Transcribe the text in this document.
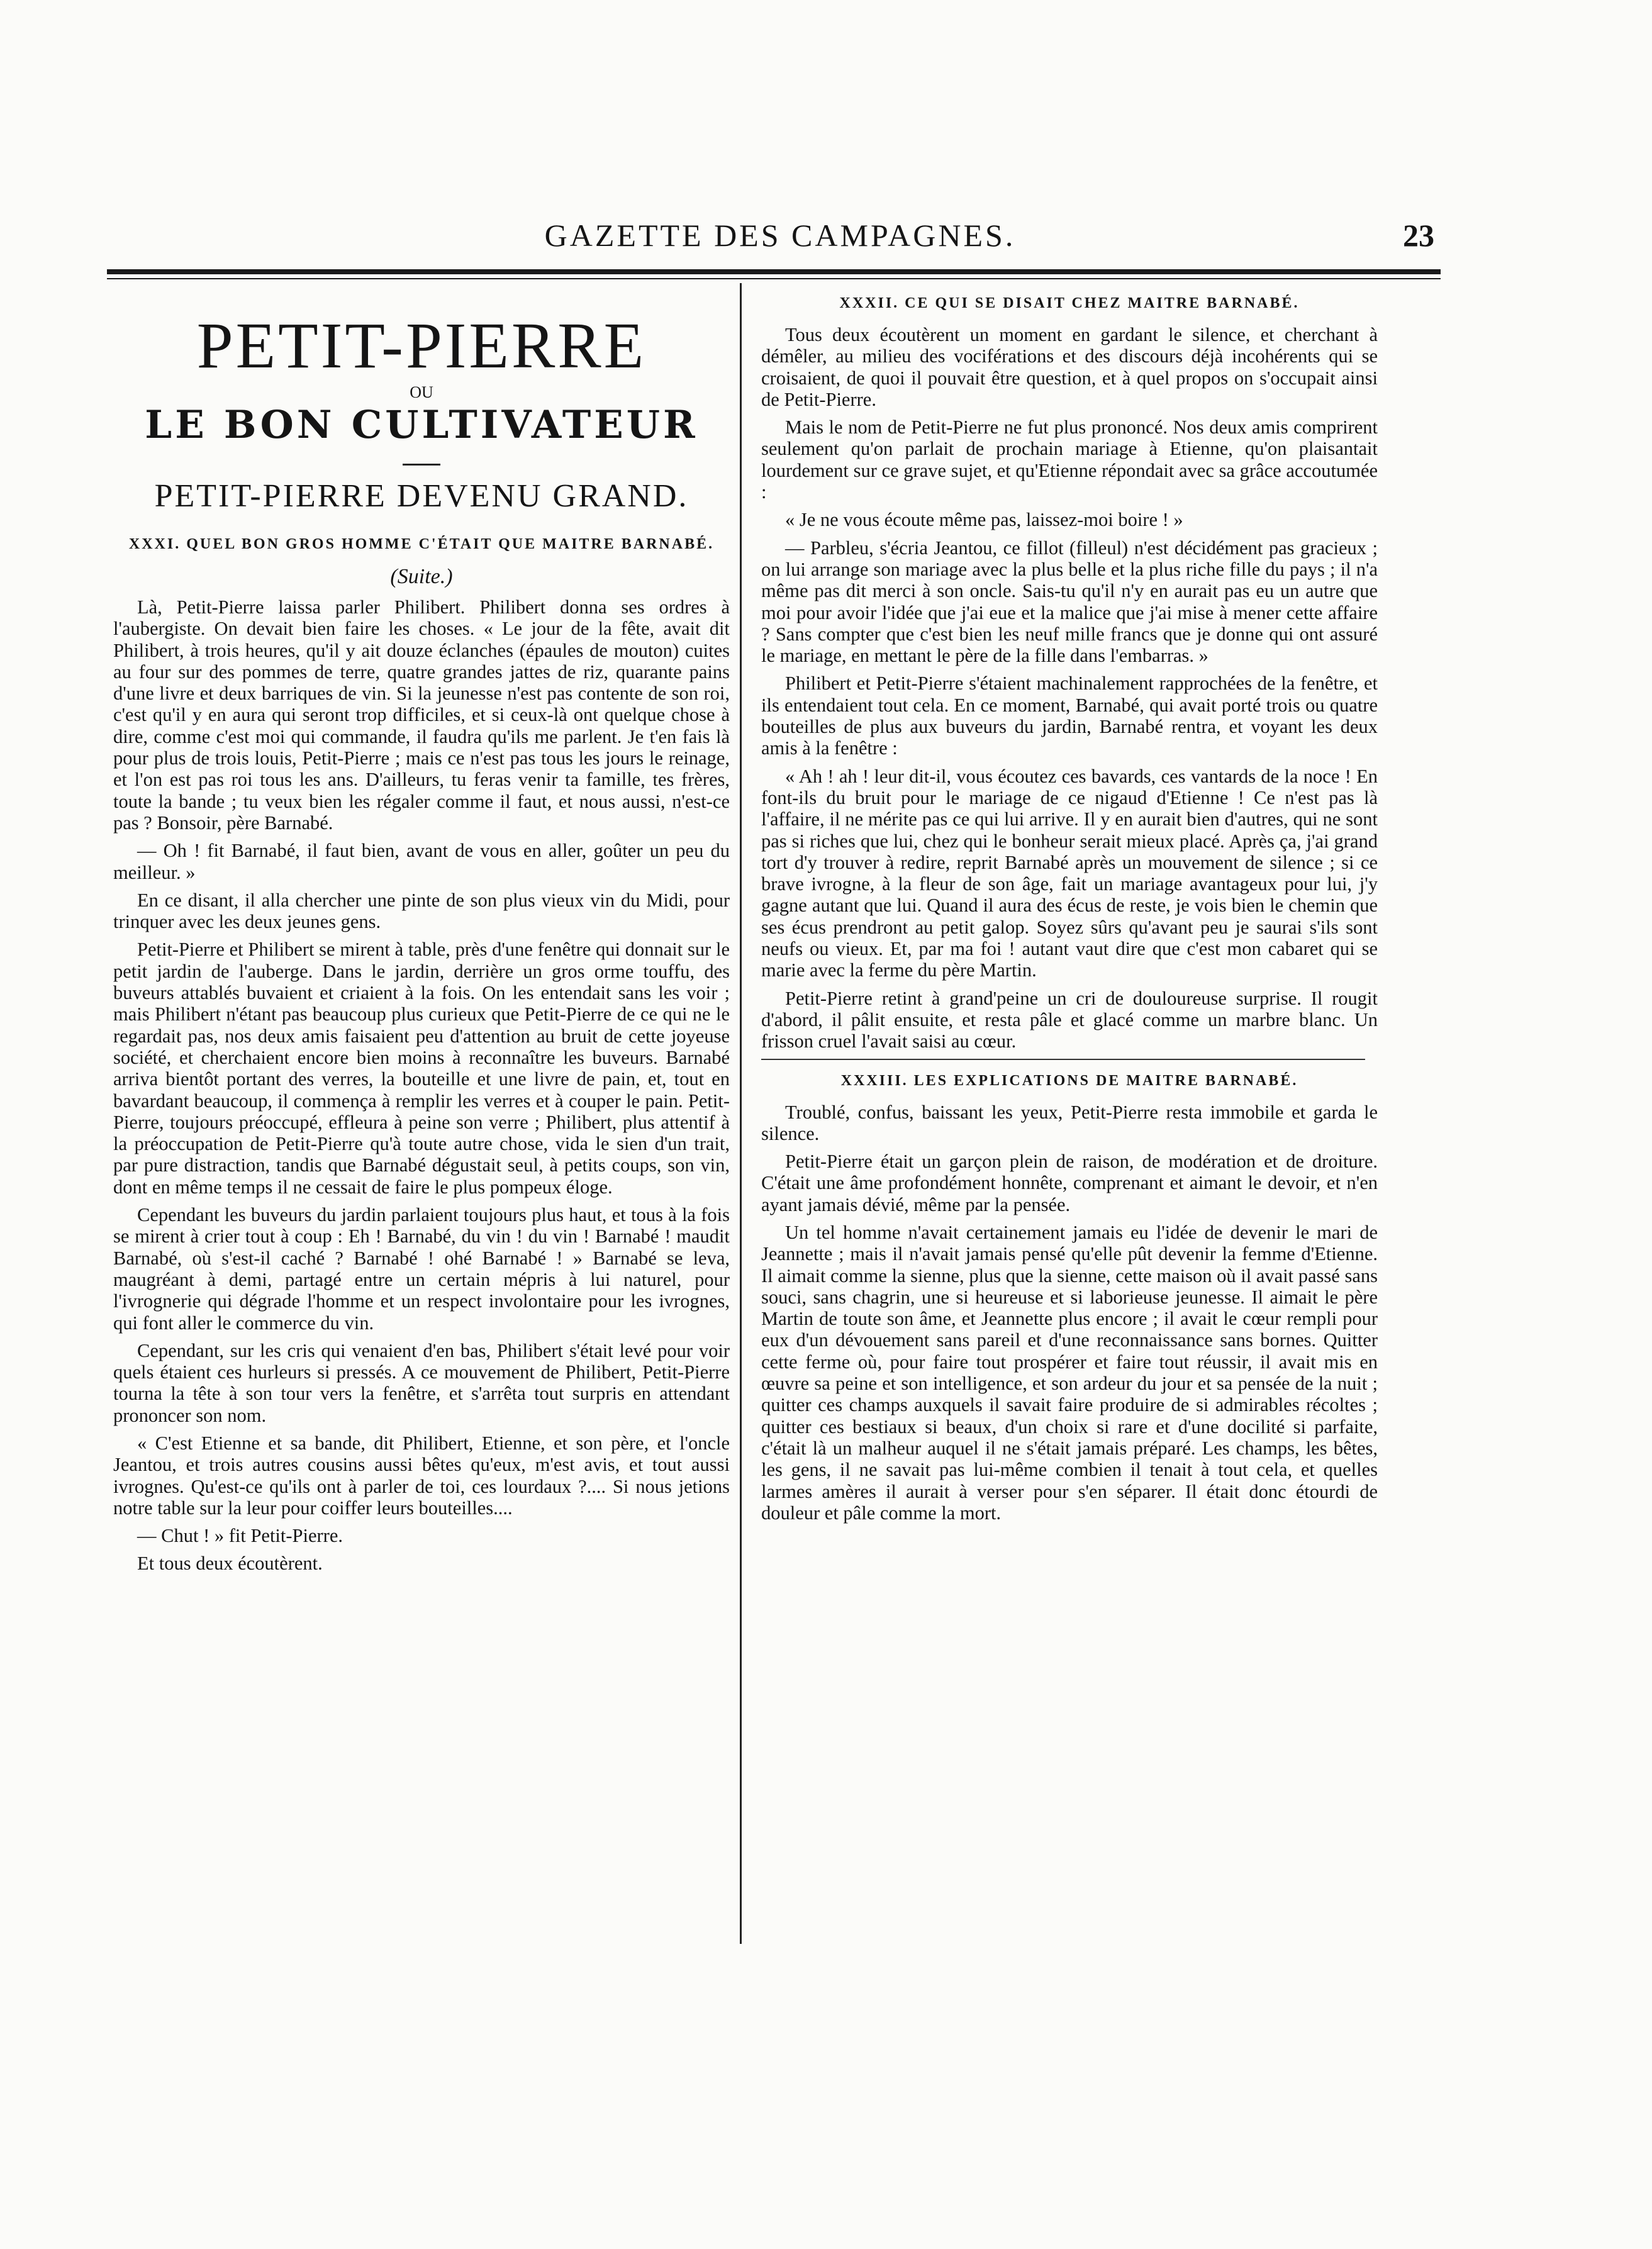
GAZETTE DES CAMPAGNES.	23
PETIT-PIERRE
OU
LE BON CULTIVATEUR
PETIT-PIERRE DEVENU GRAND.
XXXI. QUEL BON GROS HOMME C'ÉTAIT QUE MAITRE BARNABÉ.
(Suite.)

Là, Petit-Pierre laissa parler Philibert. Philibert donna ses ordres à l'aubergiste. On devait bien faire les choses. « Le jour de la fête, avait dit Philibert, à trois heures, qu'il y ait douze éclanches (épaules de mouton) cuites au four sur des pommes de terre, quatre grandes jattes de riz, quarante pains d'une livre et deux barriques de vin. Si la jeunesse n'est pas contente de son roi, c'est qu'il y en aura qui seront trop difficiles, et si ceux-là ont quelque chose à dire, comme c'est moi qui commande, il faudra qu'ils me parlent. Je t'en fais là pour plus de trois louis, Petit-Pierre ; mais ce n'est pas tous les jours le reinage, et l'on est pas roi tous les ans. D'ailleurs, tu feras venir ta famille, tes frères, toute la bande ; tu veux bien les régaler comme il faut, et nous aussi, n'est-ce pas ? Bonsoir, père Barnabé.

— Oh ! fit Barnabé, il faut bien, avant de vous en aller, goûter un peu du meilleur. »

En ce disant, il alla chercher une pinte de son plus vieux vin du Midi, pour trinquer avec les deux jeunes gens.

Petit-Pierre et Philibert se mirent à table, près d'une fenêtre qui donnait sur le petit jardin de l'auberge. Dans le jardin, derrière un gros orme touffu, des buveurs attablés buvaient et criaient à la fois. On les entendait sans les voir ; mais Philibert n'étant pas beaucoup plus curieux que Petit-Pierre de ce qui ne le regardait pas, nos deux amis faisaient peu d'attention au bruit de cette joyeuse société, et cherchaient encore bien moins à reconnaître les buveurs. Barnabé arriva bientôt portant des verres, la bouteille et une livre de pain, et, tout en bavardant beaucoup, il commença à remplir les verres et à couper le pain. Petit-Pierre, toujours préoccupé, effleura à peine son verre ; Philibert, plus attentif à la préoccupation de Petit-Pierre qu'à toute autre chose, vida le sien d'un trait, par pure distraction, tandis que Barnabé dégustait seul, à petits coups, son vin, dont en même temps il ne cessait de faire le plus pompeux éloge.

Cependant les buveurs du jardin parlaient toujours plus haut, et tous à la fois se mirent à crier tout à coup : Eh ! Barnabé, du vin ! du vin ! Barnabé ! maudit Barnabé, où s'est-il caché ? Barnabé ! ohé Barnabé ! » Barnabé se leva, maugréant à demi, partagé entre un certain mépris à lui naturel, pour l'ivrognerie qui dégrade l'homme et un respect involontaire pour les ivrognes, qui font aller le commerce du vin.

Cependant, sur les cris qui venaient d'en bas, Philibert s'était levé pour voir quels étaient ces hurleurs si pressés. A ce mouvement de Philibert, Petit-Pierre tourna la tête à son tour vers la fenêtre, et s'arrêta tout surpris en attendant prononcer son nom.

« C'est Etienne et sa bande, dit Philibert, Etienne, et son père, et l'oncle Jeantou, et trois autres cousins aussi bêtes qu'eux, m'est avis, et tout aussi ivrognes. Qu'est-ce qu'ils ont à parler de toi, ces lourdaux ?.... Si nous jetions notre table sur la leur pour coiffer leurs bouteilles....

— Chut ! » fit Petit-Pierre.

Et tous deux écoutèrent.

XXXII. CE QUI SE DISAIT CHEZ MAITRE BARNABÉ.

Tous deux écoutèrent un moment en gardant le silence, et cherchant à démêler, au milieu des vociférations et des discours déjà incohérents qui se croisaient, de quoi il pouvait être question, et à quel propos on s'occupait ainsi de Petit-Pierre.

Mais le nom de Petit-Pierre ne fut plus prononcé. Nos deux amis comprirent seulement qu'on parlait de prochain mariage à Etienne, qu'on plaisantait lourdement sur ce grave sujet, et qu'Etienne répondait avec sa grâce accoutumée :

« Je ne vous écoute même pas, laissez-moi boire ! »

— Parbleu, s'écria Jeantou, ce fillot (filleul) n'est décidément pas gracieux ; on lui arrange son mariage avec la plus belle et la plus riche fille du pays ; il n'a même pas dit merci à son oncle. Sais-tu qu'il n'y en aurait pas eu un autre que moi pour avoir l'idée que j'ai eue et la malice que j'ai mise à mener cette affaire ? Sans compter que c'est bien les neuf mille francs que je donne qui ont assuré le mariage, en mettant le père de la fille dans l'embarras. »

Philibert et Petit-Pierre s'étaient machinalement rapprochées de la fenêtre, et ils entendaient tout cela. En ce moment, Barnabé, qui avait porté trois ou quatre bouteilles de plus aux buveurs du jardin, Barnabé rentra, et voyant les deux amis à la fenêtre :

« Ah ! ah ! leur dit-il, vous écoutez ces bavards, ces vantards de la noce ! En font-ils du bruit pour le mariage de ce nigaud d'Etienne ! Ce n'est pas là l'affaire, il ne mérite pas ce qui lui arrive. Il y en aurait bien d'autres, qui ne sont pas si riches que lui, chez qui le bonheur serait mieux placé. Après ça, j'ai grand tort d'y trouver à redire, reprit Barnabé après un mouvement de silence ; si ce brave ivrogne, à la fleur de son âge, fait un mariage avantageux pour lui, j'y gagne autant que lui. Quand il aura des écus de reste, je vois bien le chemin que ses écus prendront au petit galop. Soyez sûrs qu'avant peu je saurai s'ils sont neufs ou vieux. Et, par ma foi ! autant vaut dire que c'est mon cabaret qui se marie avec la ferme du père Martin.

Petit-Pierre retint à grand'peine un cri de douloureuse surprise. Il rougit d'abord, il pâlit ensuite, et resta pâle et glacé comme un marbre blanc. Un frisson cruel l'avait saisi au cœur.

XXXIII. LES EXPLICATIONS DE MAITRE BARNABÉ.

Troublé, confus, baissant les yeux, Petit-Pierre resta immobile et garda le silence.

Petit-Pierre était un garçon plein de raison, de modération et de droiture. C'était une âme profondément honnête, comprenant et aimant le devoir, et n'en ayant jamais dévié, même par la pensée.

Un tel homme n'avait certainement jamais eu l'idée de devenir le mari de Jeannette ; mais il n'avait jamais pensé qu'elle pût devenir la femme d'Etienne. Il aimait comme la sienne, plus que la sienne, cette maison où il avait passé sans souci, sans chagrin, une si heureuse et si laborieuse jeunesse. Il aimait le père Martin de toute son âme, et Jeannette plus encore ; il avait le cœur rempli pour eux d'un dévouement sans pareil et d'une reconnaissance sans bornes. Quitter cette ferme où, pour faire tout prospérer et faire tout réussir, il avait mis en œuvre sa peine et son intelligence, et son ardeur du jour et sa pensée de la nuit ; quitter ces champs auxquels il savait faire produire de si admirables récoltes ; quitter ces bestiaux si beaux, d'un choix si rare et d'une docilité si parfaite, c'était là un malheur auquel il ne s'était jamais préparé. Les champs, les bêtes, les gens, il ne savait pas lui-même combien il tenait à tout cela, et quelles larmes amères il aurait à verser pour s'en séparer. Il était donc étourdi de douleur et pâle comme la mort.
